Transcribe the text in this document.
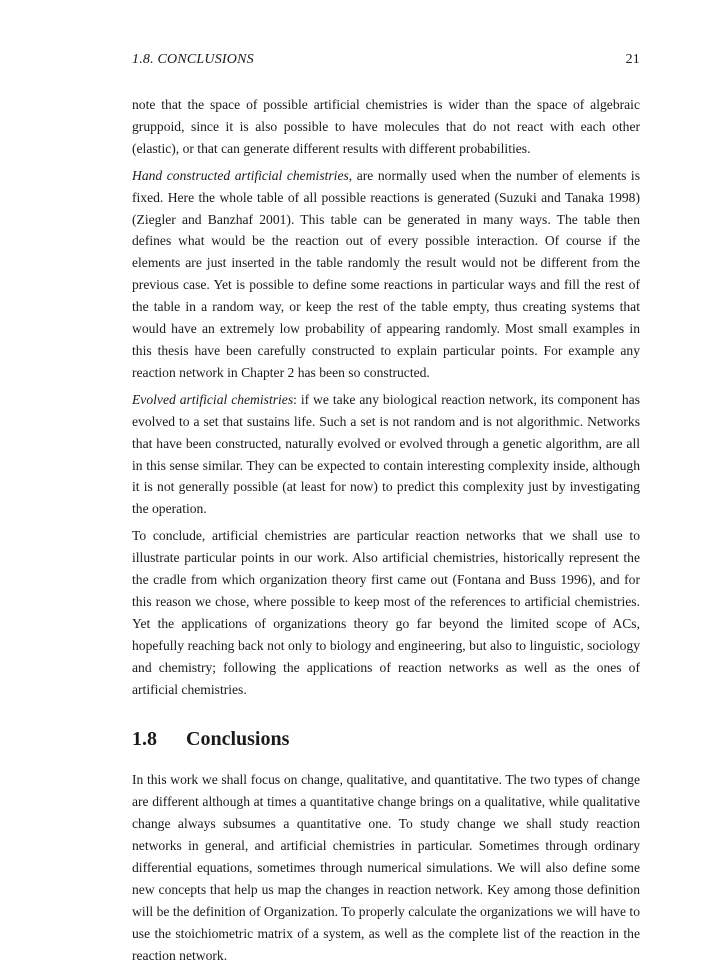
1.8. CONCLUSIONS	21

note that the space of possible artificial chemistries is wider than the space of algebraic gruppoid, since it is also possible to have molecules that do not react with each other (elastic), or that can generate different results with different probabilities.

Hand constructed artificial chemistries, are normally used when the number of elements is fixed. Here the whole table of all possible reactions is generated (Suzuki and Tanaka 1998)(Ziegler and Banzhaf 2001). This table can be generated in many ways. The table then defines what would be the reaction out of every possible interaction. Of course if the elements are just inserted in the table randomly the result would not be different from the previous case. Yet is possible to define some reactions in particular ways and fill the rest of the table in a random way, or keep the rest of the table empty, thus creating systems that would have an extremely low probability of appearing randomly. Most small examples in this thesis have been carefully constructed to explain particular points. For example any reaction network in Chapter 2 has been so constructed.

Evolved artificial chemistries: if we take any biological reaction network, its component has evolved to a set that sustains life. Such a set is not random and is not algorithmic. Networks that have been constructed, naturally evolved or evolved through a genetic algorithm, are all in this sense similar. They can be expected to contain interesting complexity inside, although it is not generally possible (at least for now) to predict this complexity just by investigating the operation.

To conclude, artificial chemistries are particular reaction networks that we shall use to illustrate particular points in our work. Also artificial chemistries, historically represent the the cradle from which organization theory first came out (Fontana and Buss 1996), and for this reason we chose, where possible to keep most of the references to artificial chemistries. Yet the applications of organizations theory go far beyond the limited scope of ACs, hopefully reaching back not only to biology and engineering, but also to linguistic, sociology and chemistry; following the applications of reaction networks as well as the ones of artificial chemistries.

1.8	Conclusions

In this work we shall focus on change, qualitative, and quantitative. The two types of change are different although at times a quantitative change brings on a qualitative, while qualitative change always subsumes a quantitative one. To study change we shall study reaction networks in general, and artificial chemistries in particular. Sometimes through ordinary differential equations, sometimes through numerical simulations. We will also define some new concepts that help us map the changes in reaction network. Key among those definition will be the definition of Organization. To properly calculate the organizations we will have to use the stoichiometric matrix of a system, as well as the complete list of the reaction in the reaction network.
